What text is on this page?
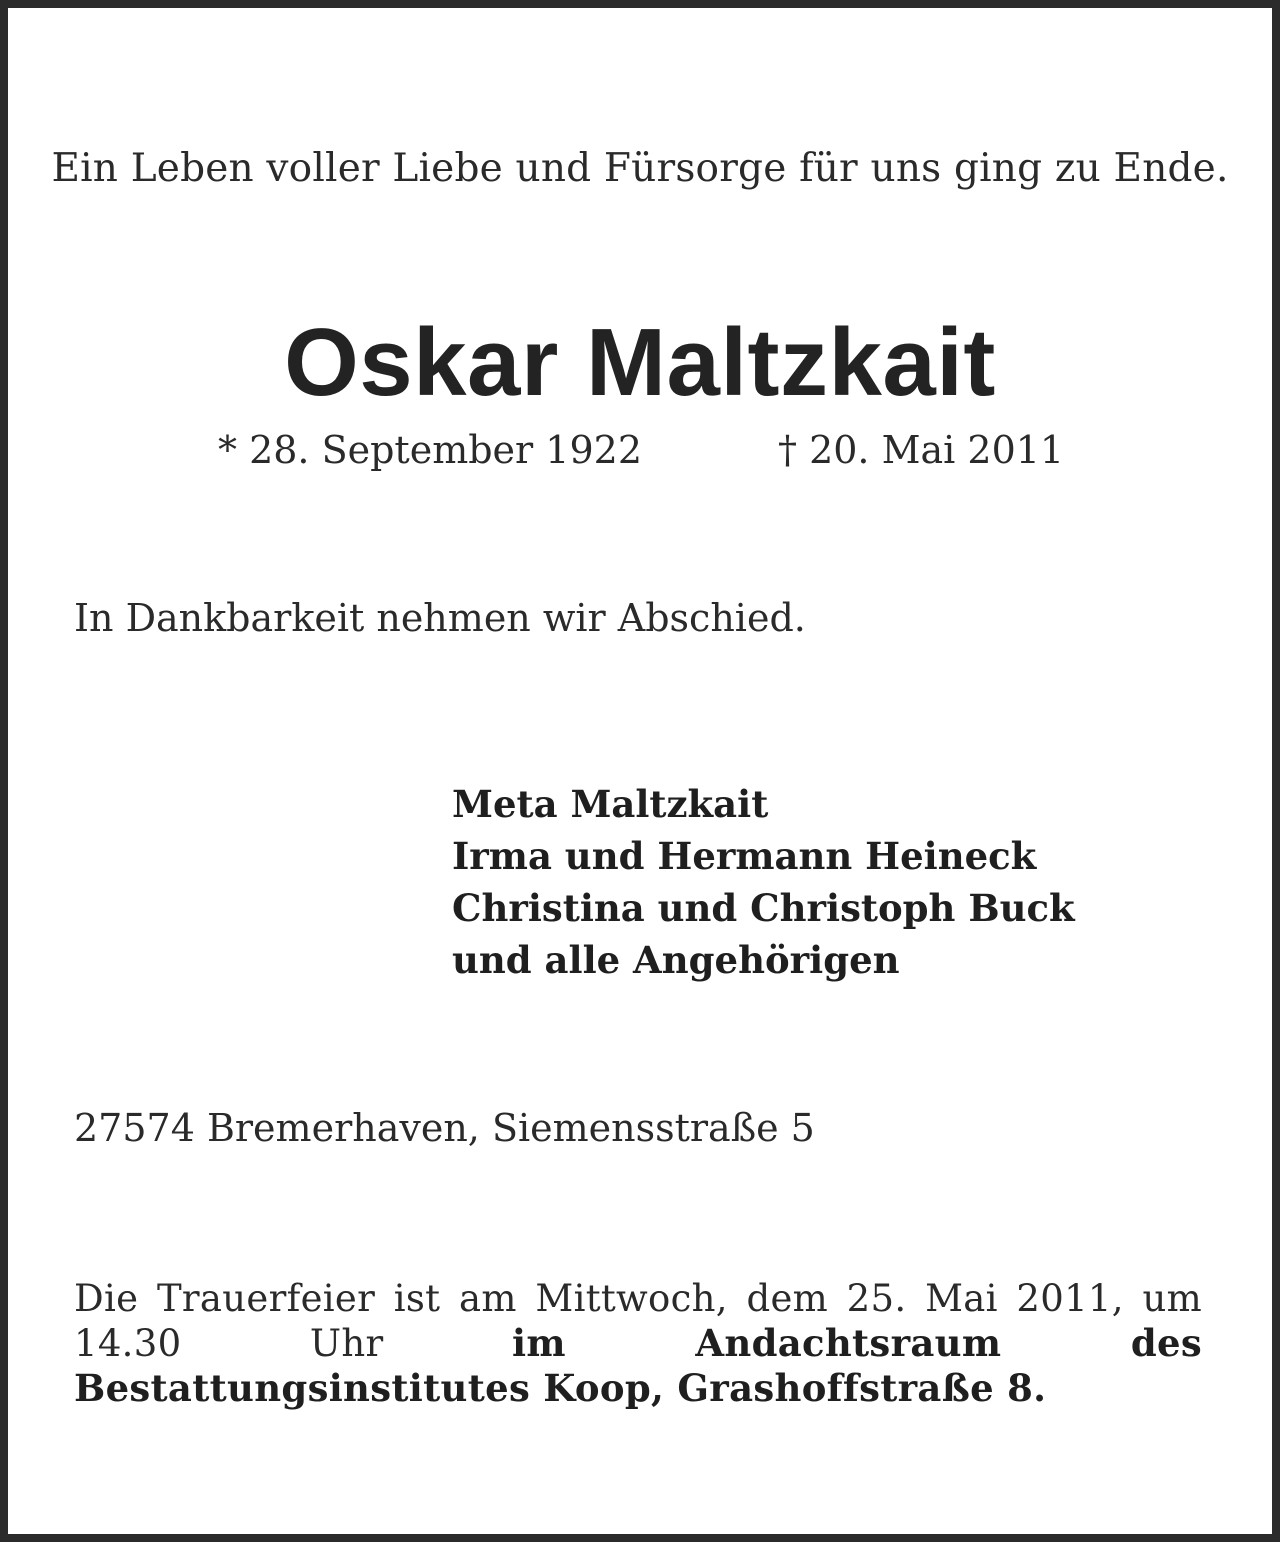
Ein Leben voller Liebe und Fürsorge für uns ging zu Ende.
Oskar Maltzkait
* 28. September 1922	† 20. Mai 2011
In Dankbarkeit nehmen wir Abschied.
Meta Maltzkait
Irma und Hermann Heineck
Christina und Christoph Buck
und alle Angehörigen
27574 Bremerhaven, Siemensstraße 5
Die Trauerfeier ist am Mittwoch, dem 25. Mai 2011, um 14.30 Uhr	im Andachtsraum des Bestattungsinstitutes Koop, Grashoffstraße 8.
